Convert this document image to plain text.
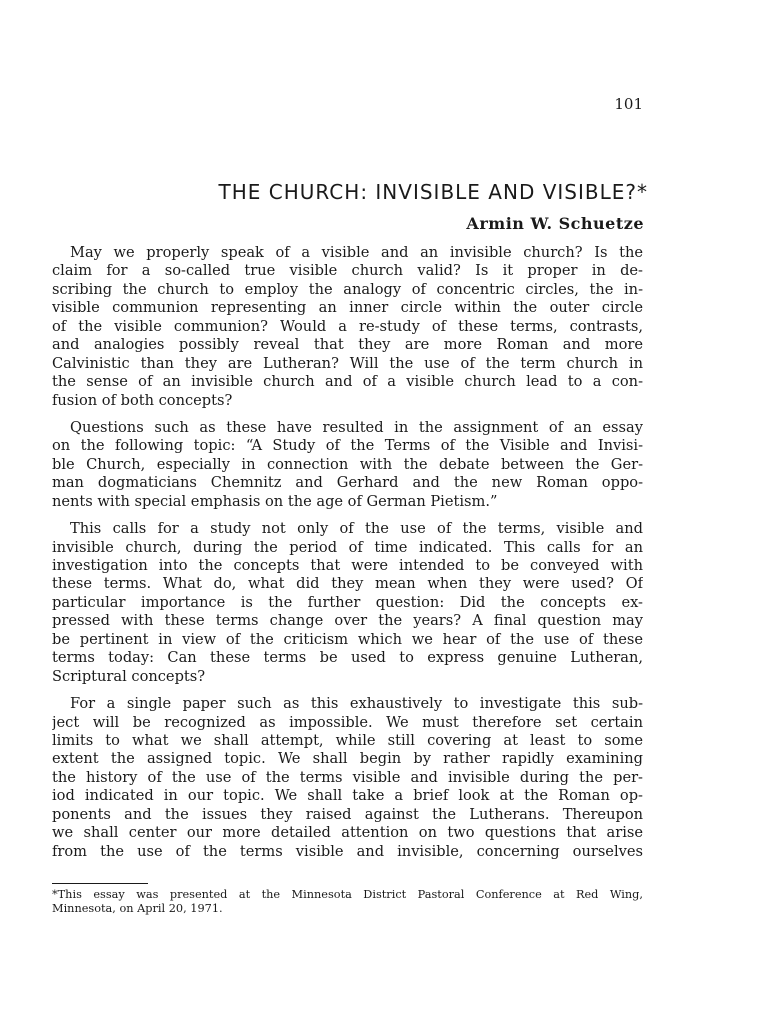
101
THE CHURCH: INVISIBLE AND VISIBLE?*
Armin W. Schuetze
May we properly speak of a visible and an invisible church? Is the
claim for a so-called true visible church valid? Is it proper in de-
scribing the church to employ the analogy of concentric circles, the in-
visible communion representing an inner circle within the outer circle
of the visible communion? Would a re-study of these terms, contrasts,
and analogies possibly reveal that they are more Roman and more
Calvinistic than they are Lutheran? Will the use of the term church in
the sense of an invisible church and of a visible church lead to a con-
fusion of both concepts?
Questions such as these have resulted in the assignment of an essay
on the following topic: “A Study of the Terms of the Visible and Invisi-
ble Church, especially in connection with the debate between the Ger-
man dogmaticians Chemnitz and Gerhard and the new Roman oppo-
nents with special emphasis on the age of German Pietism.”
This calls for a study not only of the use of the terms, visible and
invisible church, during the period of time indicated. This calls for an
investigation into the concepts that were intended to be conveyed with
these terms. What do, what did they mean when they were used? Of
particular importance is the further question: Did the concepts ex-
pressed with these terms change over the years? A final question may
be pertinent in view of the criticism which we hear of the use of these
terms today: Can these terms be used to express genuine Lutheran,
Scriptural concepts?
For a single paper such as this exhaustively to investigate this sub-
ject will be recognized as impossible. We must therefore set certain
limits to what we shall attempt, while still covering at least to some
extent the assigned topic. We shall begin by rather rapidly examining
the history of the use of the terms visible and invisible during the per-
iod indicated in our topic. We shall take a brief look at the Roman op-
ponents and the issues they raised against the Lutherans. Thereupon
we shall center our more detailed attention on two questions that arise
from the use of the terms visible and invisible, concerning ourselves
*This essay was presented at the Minnesota District Pastoral Conference at Red Wing,
Minnesota, on April 20, 1971.
